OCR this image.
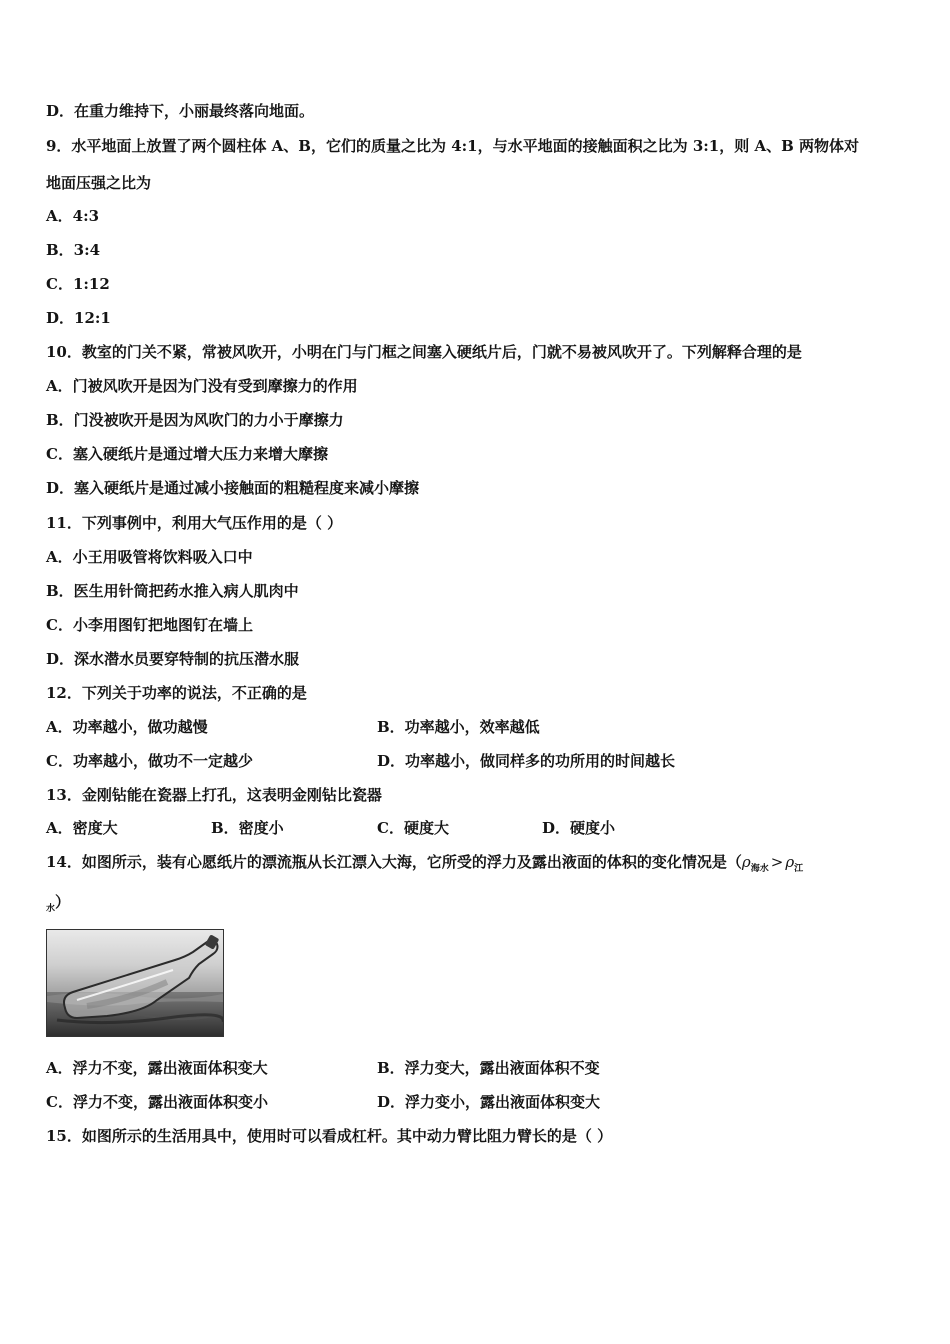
D．在重力维持下，小丽最终落向地面。
9．水平地面上放置了两个圆柱体 A、B，它们的质量之比为 4:1，与水平地面的接触面积之比为 3:1，则 A、B 两物体对
地面压强之比为
A．4:3
B．3:4
C．1:12
D．12:1
10．教室的门关不紧，常被风吹开，小明在门与门框之间塞入硬纸片后，门就不易被风吹开了。下列解释合理的是
A．门被风吹开是因为门没有受到摩擦力的作用
B．门没被吹开是因为风吹门的力小于摩擦力
C．塞入硬纸片是通过增大压力来增大摩擦
D．塞入硬纸片是通过减小接触面的粗糙程度来减小摩擦
11．下列事例中，利用大气压作用的是（ ）
A．小王用吸管将饮料吸入口中
B．医生用针筒把药水推入病人肌肉中
C．小李用图钉把地图钉在墙上
D．深水潜水员要穿特制的抗压潜水服
12．下列关于功率的说法，不正确的是
A．功率越小，做功越慢	B．功率越小，效率越低
C．功率越小，做功不一定越少	D．功率越小，做同样多的功所用的时间越长
13．金刚钻能在瓷器上打孔，这表明金刚钻比瓷器
A．密度大	B．密度小	C．硬度大	D．硬度小
14．如图所示，装有心愿纸片的漂流瓶从长江漂入大海，它所受的浮力及露出液面的体积的变化情况是（$\rho_{海水} > \rho_江$
$_水$）
A．浮力不变，露出液面体积变大	B．浮力变大，露出液面体积不变
C．浮力不变，露出液面体积变小	D．浮力变小，露出液面体积变大
15．如图所示的生活用具中，使用时可以看成杠杆。其中动力臂比阻力臂长的是（ ）
